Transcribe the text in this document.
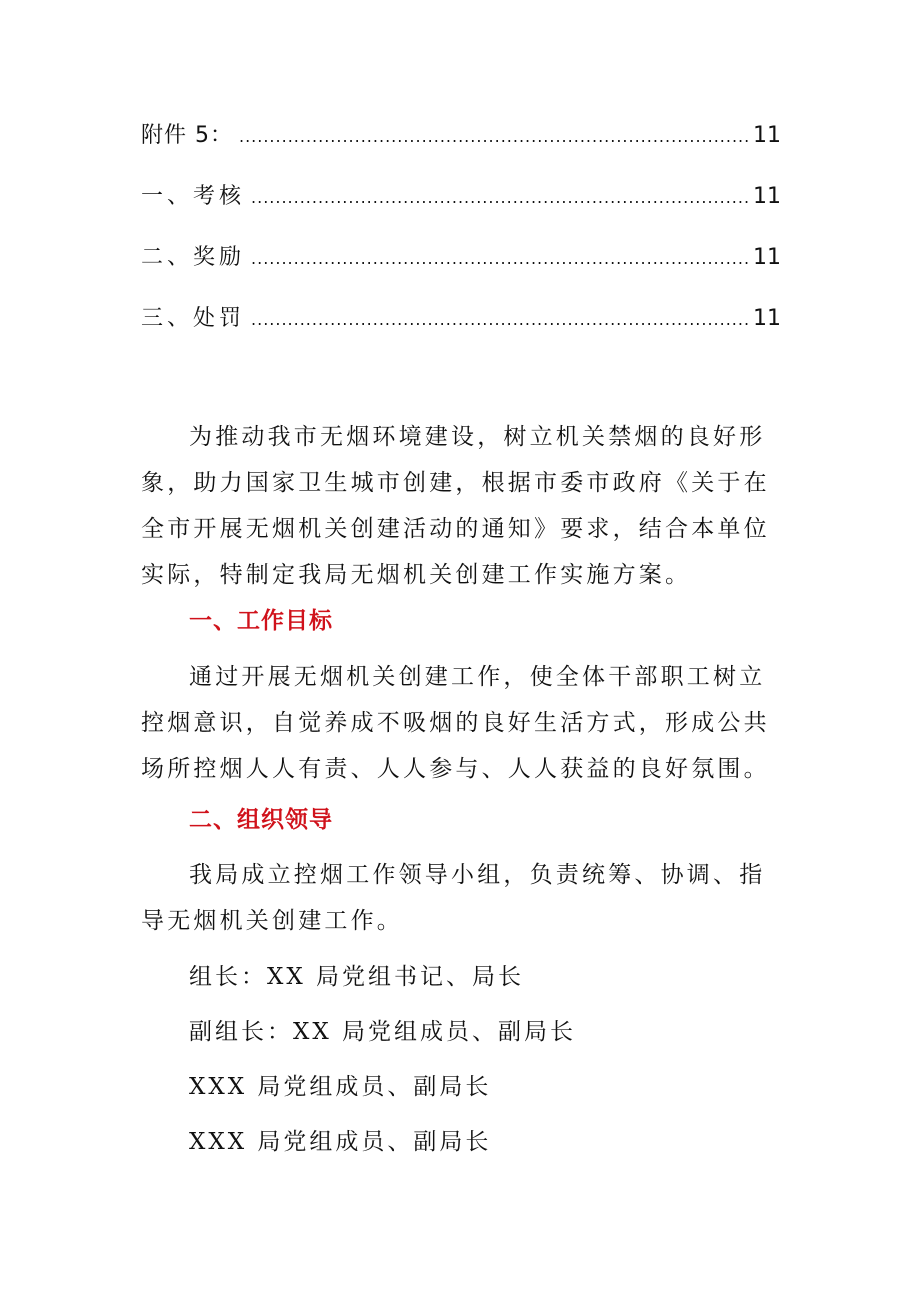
附件 5： .....	11
一、考核 .....	11
二、奖励 .....	11
三、处罚 .....	11

为推动我市无烟环境建设，树立机关禁烟的良好形象，助力国家卫生城市创建，根据市委市政府《关于在全市开展无烟机关创建活动的通知》要求，结合本单位实际，特制定我局无烟机关创建工作实施方案。

一、工作目标

通过开展无烟机关创建工作，使全体干部职工树立控烟意识，自觉养成不吸烟的良好生活方式，形成公共场所控烟人人有责、人人参与、人人获益的良好氛围。

二、组织领导

我局成立控烟工作领导小组，负责统筹、协调、指导无烟机关创建工作。

组长：XX 局党组书记、局长

副组长：XX 局党组成员、副局长

XXX 局党组成员、副局长

XXX 局党组成员、副局长
